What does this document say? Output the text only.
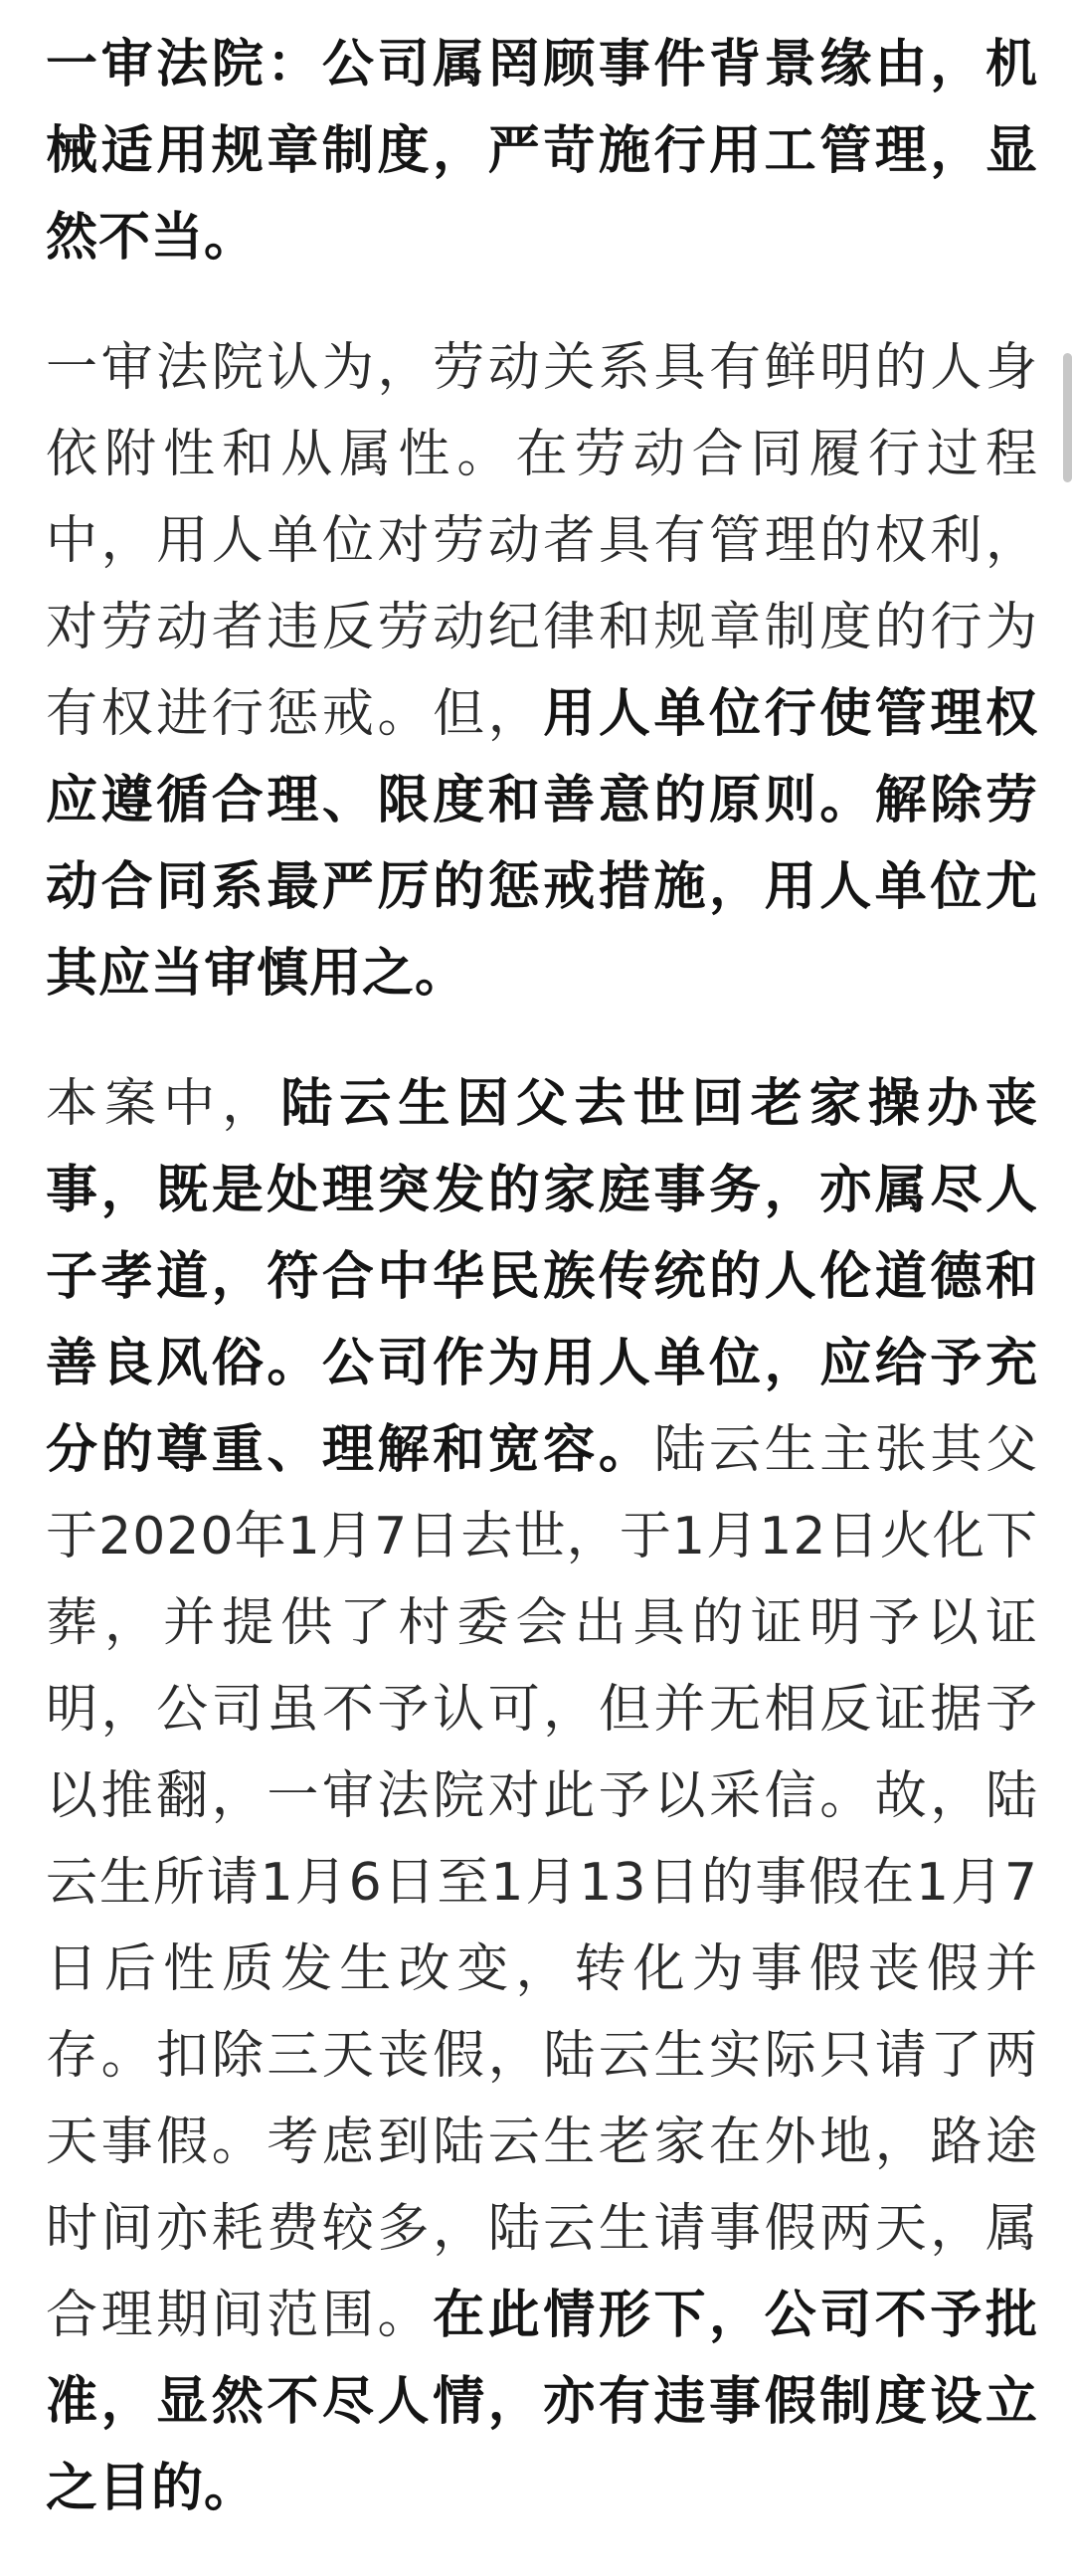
一审法院：公司属罔顾事件背景缘由，机械适用规章制度，严苛施行用工管理，显然不当。

一审法院认为，劳动关系具有鲜明的人身依附性和从属性。在劳动合同履行过程中，用人单位对劳动者具有管理的权利，对劳动者违反劳动纪律和规章制度的行为有权进行惩戒。但，用人单位行使管理权应遵循合理、限度和善意的原则。解除劳动合同系最严厉的惩戒措施，用人单位尤其应当审慎用之。

本案中，陆云生因父去世回老家操办丧事，既是处理突发的家庭事务，亦属尽人子孝道，符合中华民族传统的人伦道德和善良风俗。公司作为用人单位，应给予充分的尊重、理解和宽容。陆云生主张其父于2020年1月7日去世，于1月12日火化下葬，并提供了村委会出具的证明予以证明，公司虽不予认可，但并无相反证据予以推翻，一审法院对此予以采信。故，陆云生所请1月6日至1月13日的事假在1月7日后性质发生改变，转化为事假丧假并存。扣除三天丧假，陆云生实际只请了两天事假。考虑到陆云生老家在外地，路途时间亦耗费较多，陆云生请事假两天，属合理期间范围。在此情形下，公司不予批准，显然不尽人情，亦有违事假制度设立之目的。
